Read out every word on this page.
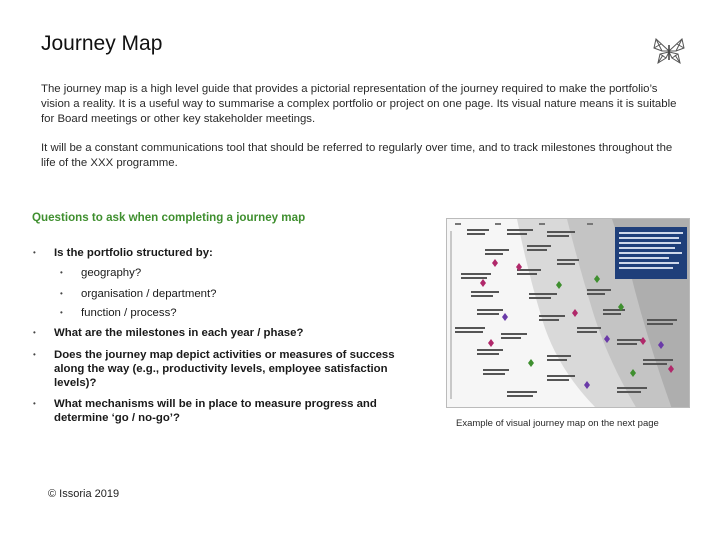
Journey Map
The journey map is a high level guide that provides a pictorial representation of the journey required to make the portfolio’s vision a reality. It is a useful way to summarise a complex portfolio or project on one page. Its visual nature means it is suitable for Board meetings or other key stakeholder meetings.
It will be a constant communications tool that should be referred to regularly over time, and to track milestones throughout the life of the XXX programme.
Questions to ask when completing a journey map
• Is the portfolio structured by:
• geography?
• organisation / department?
• function / process?
• What are the milestones in each year / phase?
• Does the journey map depict activities or measures of success along the way (e.g., productivity levels, employee satisfaction levels)?
• What mechanisms will be in place to measure progress and determine ‘go / no-go’?	Example of visual journey map on the next page
© Issoria 2019
